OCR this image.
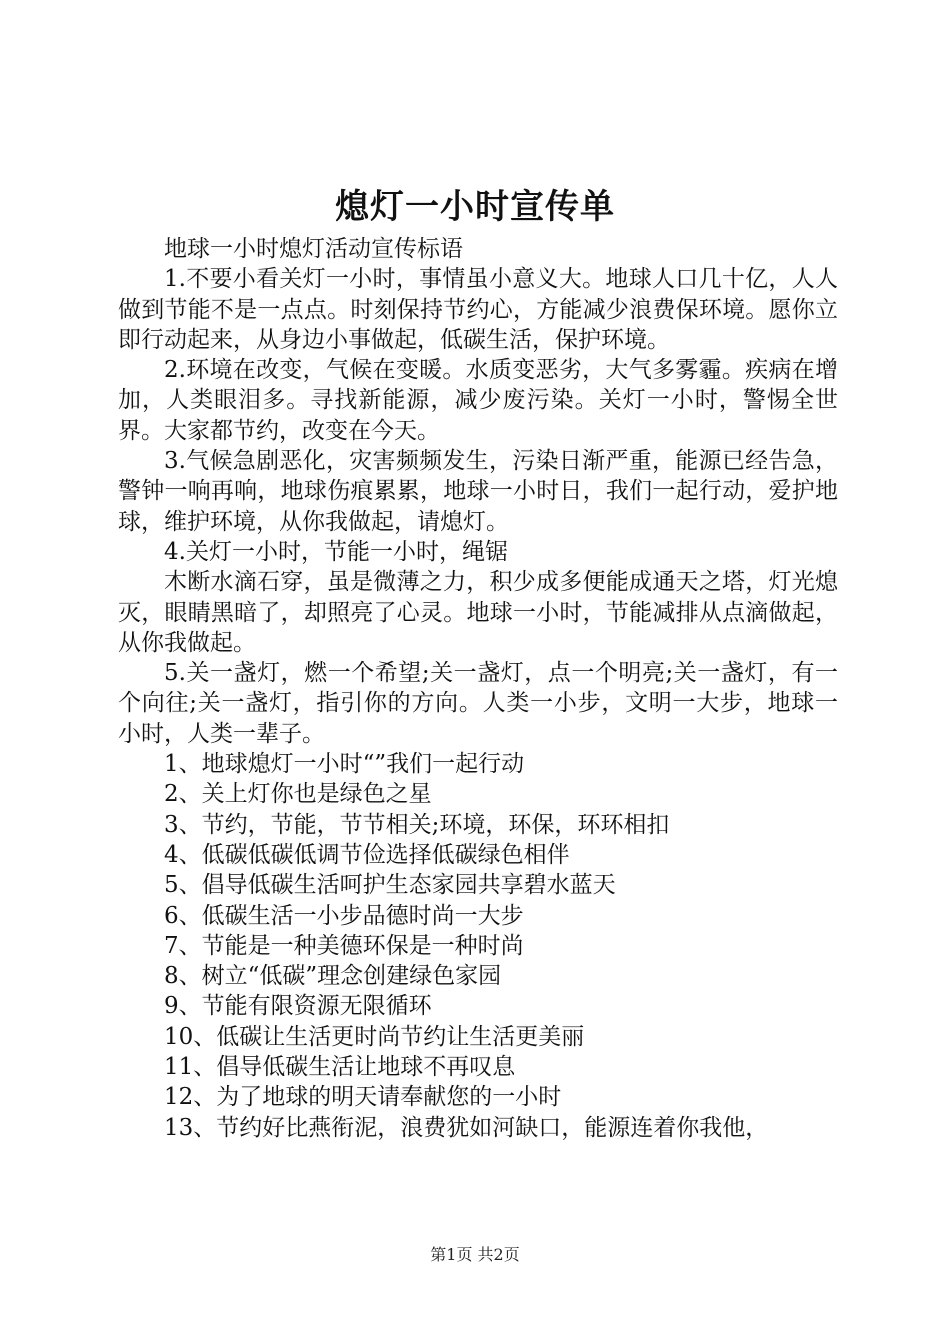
熄灯一小时宣传单

地球一小时熄灯活动宣传标语

1.不要小看关灯一小时，事情虽小意义大。地球人口几十亿，人人做到节能不是一点点。时刻保持节约心，方能减少浪费保环境。愿你立即行动起来，从身边小事做起，低碳生活，保护环境。

2.环境在改变，气候在变暖。水质变恶劣，大气多雾霾。疾病在增加，人类眼泪多。寻找新能源，减少废污染。关灯一小时，警惕全世界。大家都节约，改变在今天。

3.气候急剧恶化，灾害频频发生，污染日渐严重，能源已经告急，警钟一响再响，地球伤痕累累，地球一小时日，我们一起行动，爱护地球，维护环境，从你我做起，请熄灯。

4.关灯一小时，节能一小时，绳锯

木断水滴石穿，虽是微薄之力，积少成多便能成通天之塔，灯光熄灭，眼睛黑暗了，却照亮了心灵。地球一小时，节能减排从点滴做起，从你我做起。

5.关一盏灯，燃一个希望;关一盏灯，点一个明亮;关一盏灯，有一个向往;关一盏灯，指引你的方向。人类一小步，文明一大步，地球一小时，人类一辈子。

1、地球熄灯一小时“”我们一起行动

2、关上灯你也是绿色之星

3、节约，节能，节节相关;环境，环保，环环相扣

4、低碳低碳低调节俭选择低碳绿色相伴

5、倡导低碳生活呵护生态家园共享碧水蓝天

6、低碳生活一小步品德时尚一大步

7、节能是一种美德环保是一种时尚

8、树立“低碳”理念创建绿色家园

9、节能有限资源无限循环

10、低碳让生活更时尚节约让生活更美丽

11、倡导低碳生活让地球不再叹息

12、为了地球的明天请奉献您的一小时

13、节约好比燕衔泥，浪费犹如河缺口，能源连着你我他，

第1页 共2页
